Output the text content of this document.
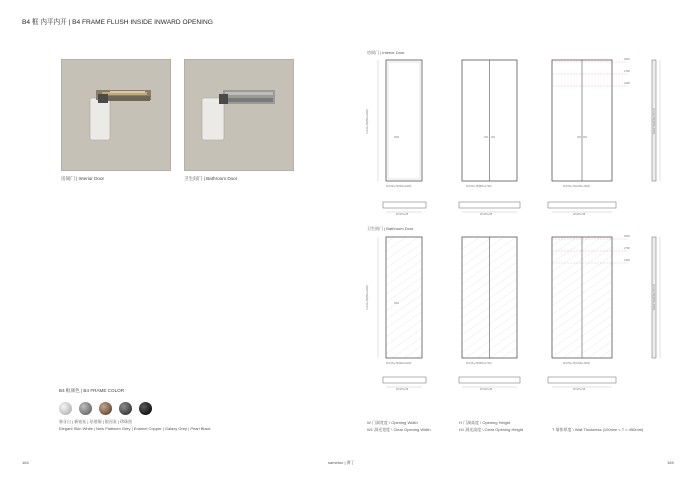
B4 框 内平内开 | B4 FRAME FLUSH INSIDE INWARD OPENING
房间门 | Interior Door	卫生间门 | Bathroom Door
B4 框颜色 | B4 FRAME COLOR
象牙白 | 新铂灰 | 珐琅铜 | 银河灰 | 珍珠黑
Elegant Skin White | New Platinum Grey | Enamel Copper | Galaxy Grey | Pearl Black
房间门 | Interior Door
卫生间门 | Bathroom Door
3000
2700
2400
H1=H+55(800+2000)	H1=H+55(2000+3000)
W1=W+70(600+1100)	W1=W+70(800+1700)	W1=W+70(1200+1600)
W=W1+55	W=W1+55	W=W1+55
3000
2700
2400
H1=H+55(800+2000)	H1=H+55(2000+3000)
W1=W+70(600+1100)	W1=W+70(800+1700)	W1=W+70(1200+1600)
W=W1+55	W=W1+55	W=W1+55
W 门洞宽度 \ Opening Width
W1 洞光宽度 \ Clear Opening Width
H 门洞高度 \ Opening Height
H1 洞光高度 \ Clear Opening Height	T 墙体厚度 \ Wall Thickness (100mm < T < 450mm)
164	sameton | 赛丁	165
